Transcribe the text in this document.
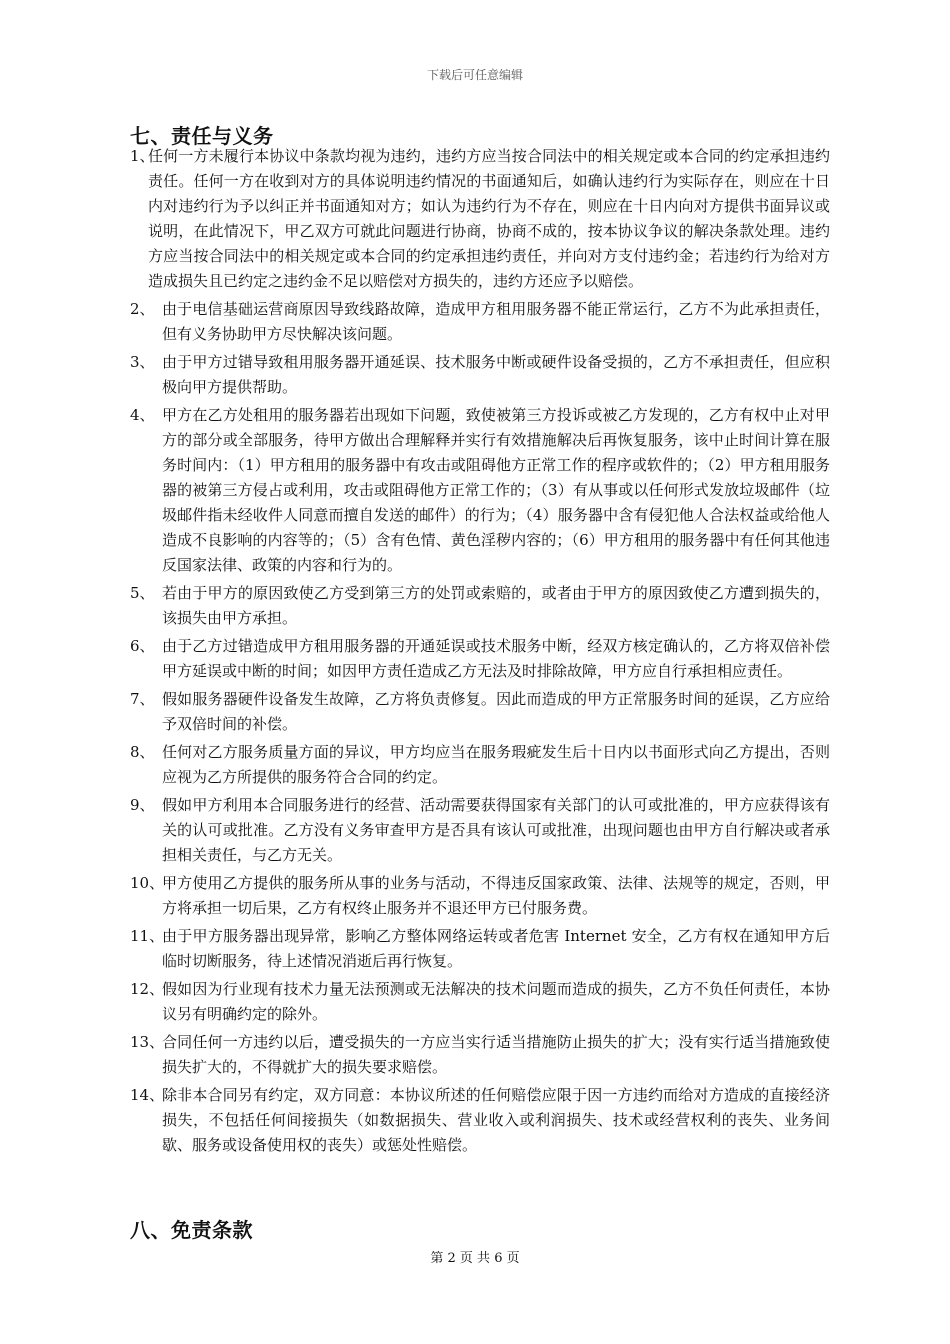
下载后可任意编辑
七、责任与义务
1、
任何一方未履行本协议中条款均视为违约，违约方应当按合同法中的相关规定或本合同的约定承担违约责任。任何一方在收到对方的具体说明违约情况的书面通知后，如确认违约行为实际存在，则应在十日内对违约行为予以纠正并书面通知对方；如认为违约行为不存在，则应在十日内向对方提供书面异议或说明，在此情况下，甲乙双方可就此问题进行协商，协商不成的，按本协议争议的解决条款处理。违约方应当按合同法中的相关规定或本合同的约定承担违约责任，并向对方支付违约金；若违约行为给对方造成损失且已约定之违约金不足以赔偿对方损失的，违约方还应予以赔偿。
2、 由于电信基础运营商原因导致线路故障，造成甲方租用服务器不能正常运行，乙方不为此承担责任，但有义务协助甲方尽快解决该问题。
3、 由于甲方过错导致租用服务器开通延误、技术服务中断或硬件设备受损的，乙方不承担责任，但应积极向甲方提供帮助。
4、 甲方在乙方处租用的服务器若出现如下问题，致使被第三方投诉或被乙方发现的，乙方有权中止对甲方的部分或全部服务，待甲方做出合理解释并实行有效措施解决后再恢复服务，该中止时间计算在服务时间内：（1）甲方租用的服务器中有攻击或阻碍他方正常工作的程序或软件的；（2）甲方租用服务器的被第三方侵占或利用，攻击或阻碍他方正常工作的；（3）有从事或以任何形式发放垃圾邮件（垃圾邮件指未经收件人同意而擅自发送的邮件）的行为；（4）服务器中含有侵犯他人合法权益或给他人造成不良影响的内容等的；（5）含有色情、黄色淫秽内容的；（6）甲方租用的服务器中有任何其他违反国家法律、政策的内容和行为的。
5、 若由于甲方的原因致使乙方受到第三方的处罚或索赔的，或者由于甲方的原因致使乙方遭到损失的，该损失由甲方承担。
6、 由于乙方过错造成甲方租用服务器的开通延误或技术服务中断，经双方核定确认的，乙方将双倍补偿甲方延误或中断的时间；如因甲方责任造成乙方无法及时排除故障，甲方应自行承担相应责任。
7、 假如服务器硬件设备发生故障，乙方将负责修复。因此而造成的甲方正常服务时间的延误，乙方应给予双倍时间的补偿。
8、 任何对乙方服务质量方面的异议，甲方均应当在服务瑕疵发生后十日内以书面形式向乙方提出，否则应视为乙方所提供的服务符合合同的约定。
9、 假如甲方利用本合同服务进行的经营、活动需要获得国家有关部门的认可或批准的，甲方应获得该有关的认可或批准。乙方没有义务审查甲方是否具有该认可或批准，出现问题也由甲方自行解决或者承担相关责任，与乙方无关。
10、
甲方使用乙方提供的服务所从事的业务与活动，不得违反国家政策、法律、法规等的规定，否则，甲方将承担一切后果，乙方有权终止服务并不退还甲方已付服务费。
11、
由于甲方服务器出现异常，影响乙方整体网络运转或者危害 Internet 安全，乙方有权在通知甲方后临时切断服务，待上述情况消逝后再行恢复。
12、
假如因为行业现有技术力量无法预测或无法解决的技术问题而造成的损失，乙方不负任何责任，本协议另有明确约定的除外。
13、
合同任何一方违约以后，遭受损失的一方应当实行适当措施防止损失的扩大；没有实行适当措施致使损失扩大的，不得就扩大的损失要求赔偿。
14、
除非本合同另有约定，双方同意：本协议所述的任何赔偿应限于因一方违约而给对方造成的直接经济损失，不包括任何间接损失（如数据损失、营业收入或利润损失、技术或经营权利的丧失、业务间歇、服务或设备使用权的丧失）或惩处性赔偿。
八、免责条款
第 2 页 共 6 页
